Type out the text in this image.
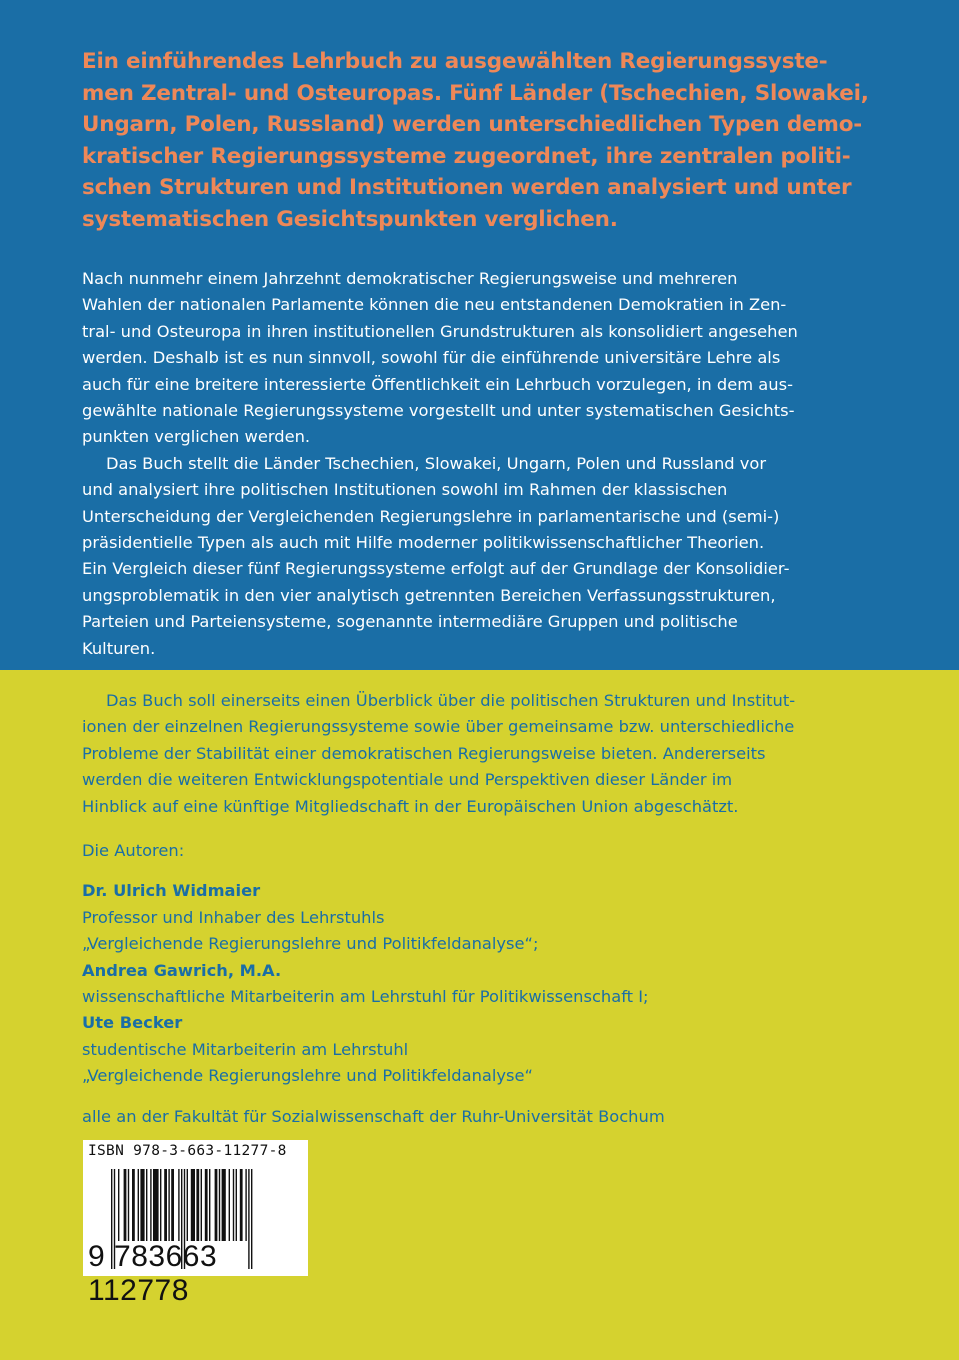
Ein einführendes Lehrbuch zu ausgewählten Regierungssyste-
men Zentral- und Osteuropas. Fünf Länder (Tschechien, Slowakei,
Ungarn, Polen, Russland) werden unterschiedlichen Typen demo-
kratischer Regierungssysteme zugeordnet, ihre zentralen politi-
schen Strukturen und Institutionen werden analysiert und unter
systematischen Gesichtspunkten verglichen.
Nach nunmehr einem Jahrzehnt demokratischer Regierungsweise und mehreren
Wahlen der nationalen Parlamente können die neu entstandenen Demokratien in Zen-
tral- und Osteuropa in ihren institutionellen Grundstrukturen als konsolidiert angesehen
werden. Deshalb ist es nun sinnvoll, sowohl für die einführende universitäre Lehre als
auch für eine breitere interessierte Öffentlichkeit ein Lehrbuch vorzulegen, in dem aus-
gewählte nationale Regierungssysteme vorgestellt und unter systematischen Gesichts-
punkten verglichen werden.
Das Buch stellt die Länder Tschechien, Slowakei, Ungarn, Polen und Russland vor
und analysiert ihre politischen Institutionen sowohl im Rahmen der klassischen
Unterscheidung der Vergleichenden Regierungslehre in parlamentarische und (semi-)
präsidentielle Typen als auch mit Hilfe moderner politikwissenschaftlicher Theorien.
Ein Vergleich dieser fünf Regierungssysteme erfolgt auf der Grundlage der Konsolidier-
ungsproblematik in den vier analytisch getrennten Bereichen Verfassungsstrukturen,
Parteien und Parteiensysteme, sogenannte intermediäre Gruppen und politische
Kulturen.
Das Buch soll einerseits einen Überblick über die politischen Strukturen und Institut-
ionen der einzelnen Regierungssysteme sowie über gemeinsame bzw. unterschiedliche
Probleme der Stabilität einer demokratischen Regierungsweise bieten. Andererseits
werden die weiteren Entwicklungspotentiale und Perspektiven dieser Länder im
Hinblick auf eine künftige Mitgliedschaft in der Europäischen Union abgeschätzt.
Die Autoren:
Dr. Ulrich Widmaier
Professor und Inhaber des Lehrstuhls
„Vergleichende Regierungslehre und Politikfeldanalyse“;
Andrea Gawrich, M.A.
wissenschaftliche Mitarbeiterin am Lehrstuhl für Politikwissenschaft I;
Ute Becker
studentische Mitarbeiterin am Lehrstuhl
„Vergleichende Regierungslehre und Politikfeldanalyse“
alle an der Fakultät für Sozialwissenschaft der Ruhr-Universität Bochum
ISBN 978-3-663-11277-8
9 783663 112778
